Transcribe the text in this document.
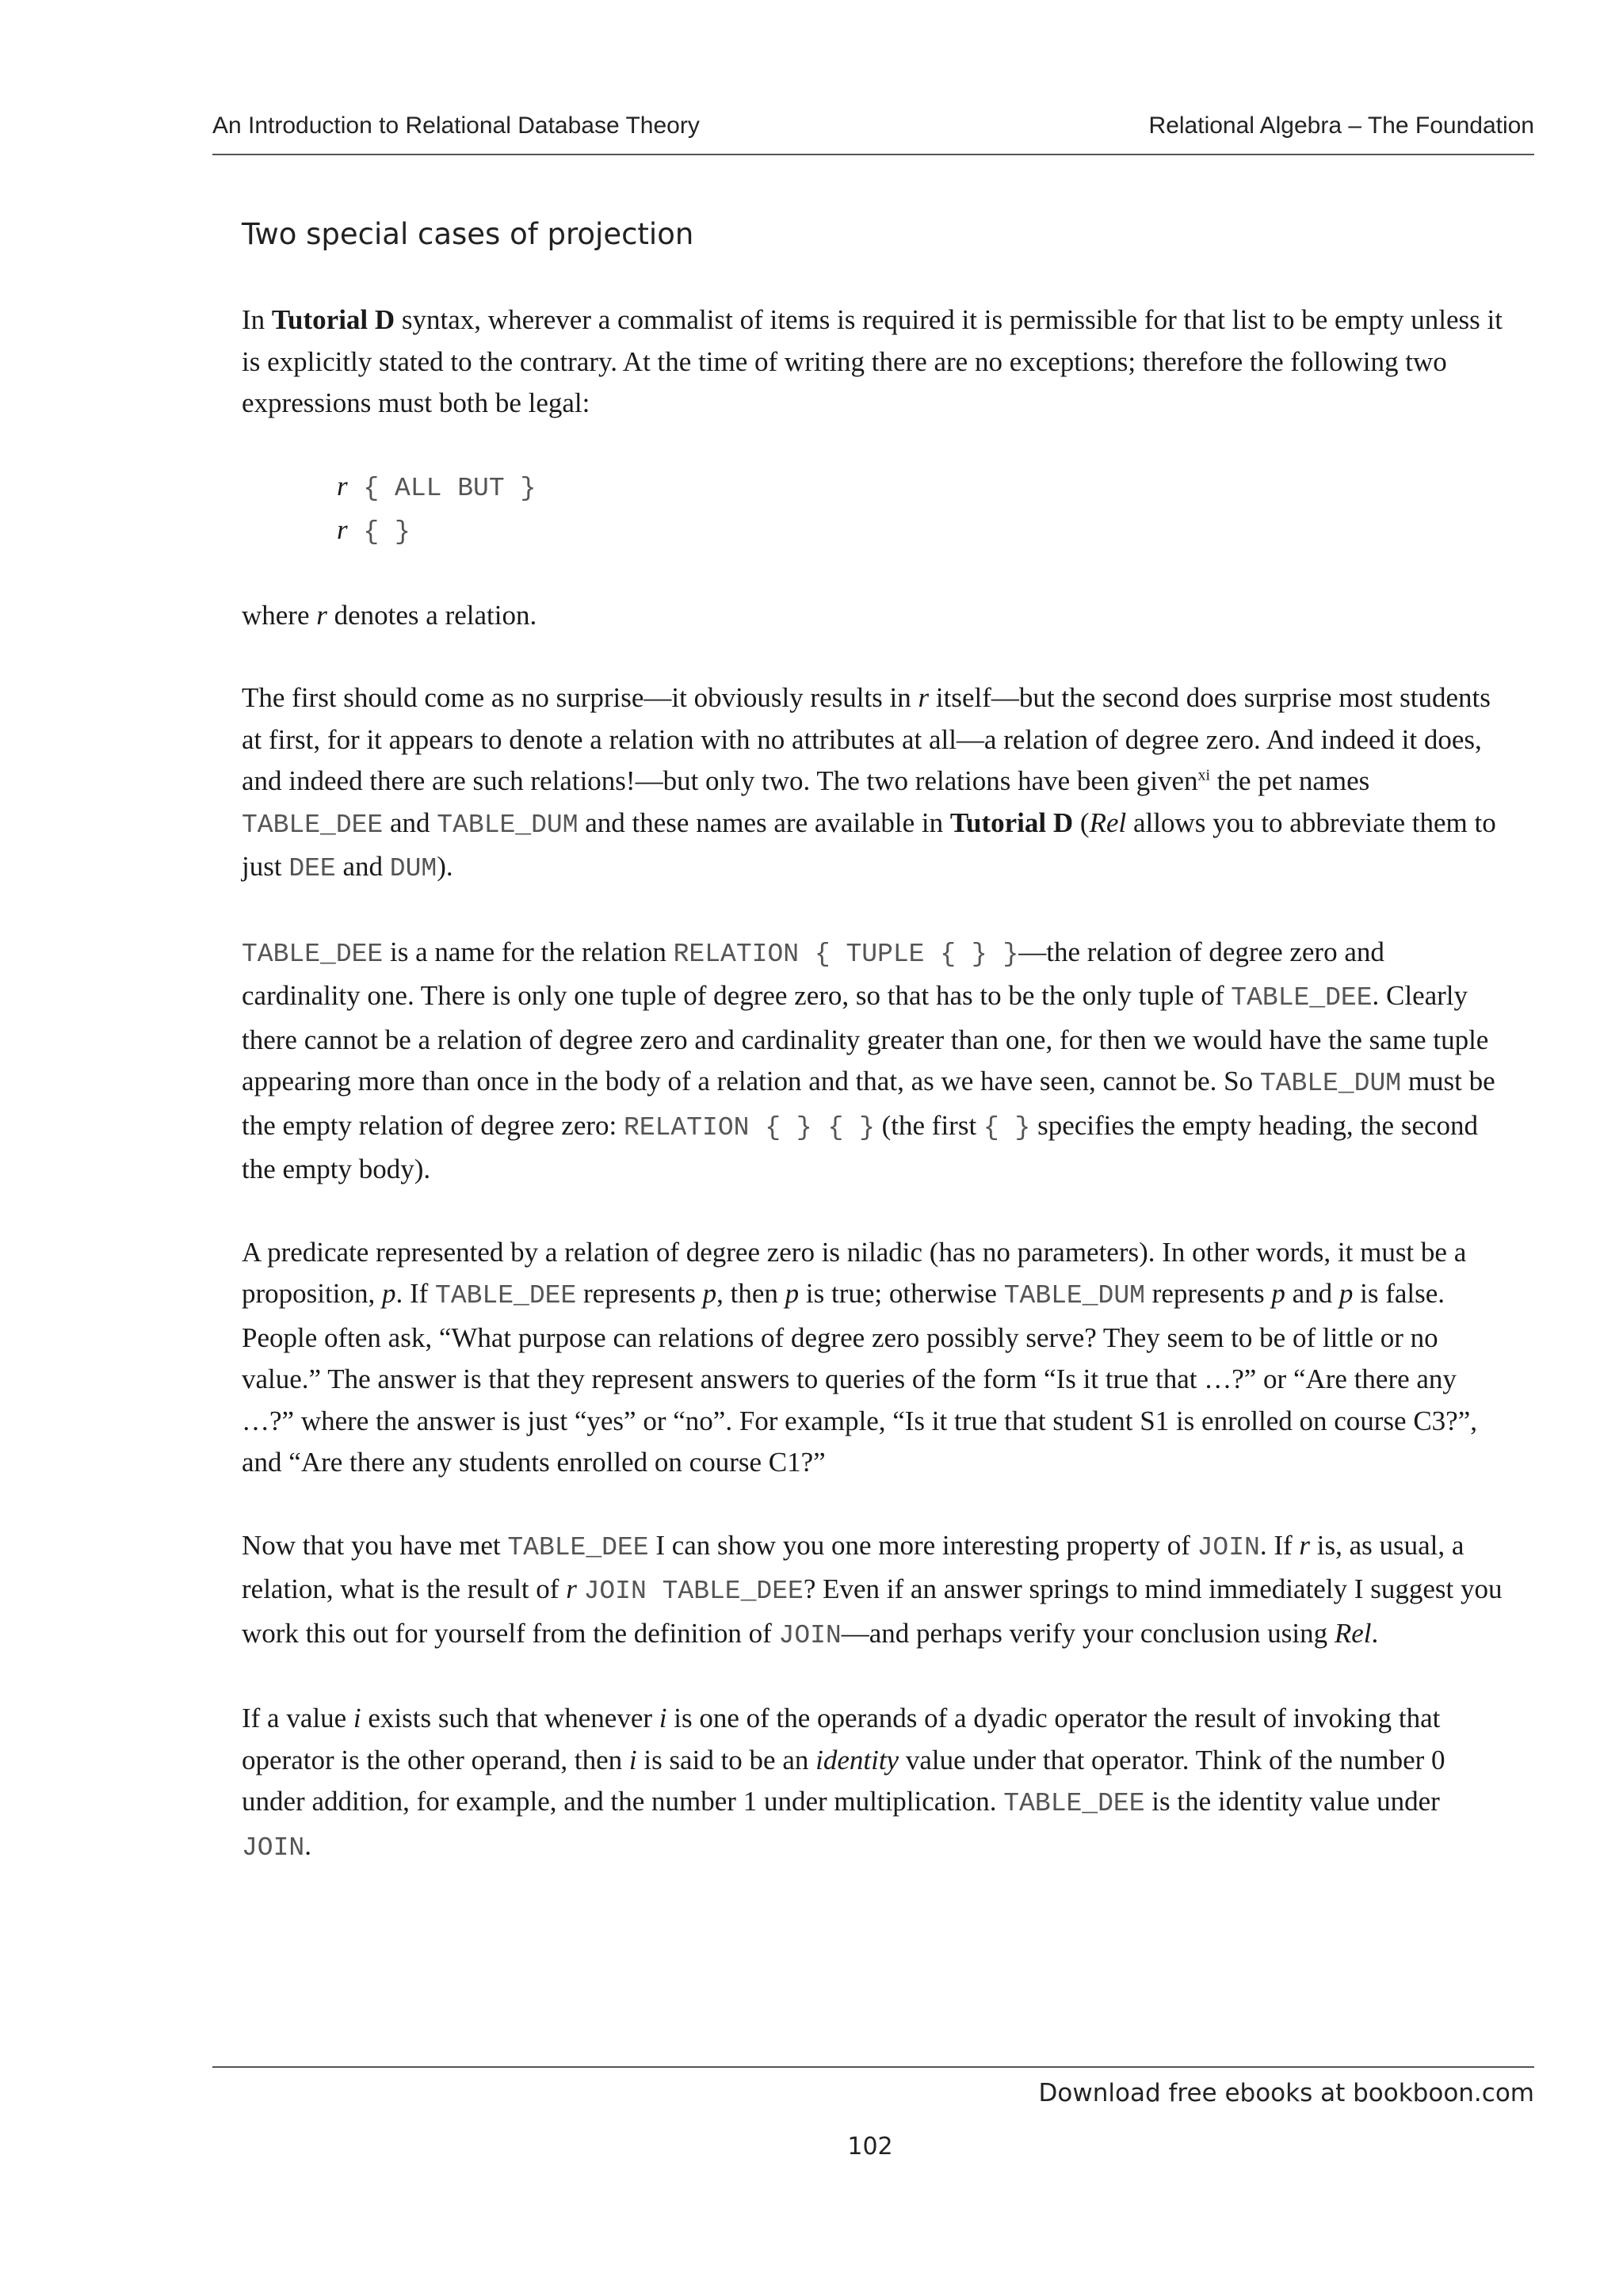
An Introduction to Relational Database Theory	Relational Algebra – The Foundation
Two special cases of projection

In Tutorial D syntax, wherever a commalist of items is required it is permissible for that list to be empty unless it is explicitly stated to the contrary. At the time of writing there are no exceptions; therefore the following two expressions must both be legal:

r { ALL BUT }
r { }

where r denotes a relation.

The first should come as no surprise—it obviously results in r itself—but the second does surprise most students at first, for it appears to denote a relation with no attributes at all—a relation of degree zero. And indeed it does, and indeed there are such relations!—but only two. The two relations have been given$^{xi}$ the pet names TABLE_DEE and TABLE_DUM and these names are available in Tutorial D (Rel allows you to abbreviate them to just DEE and DUM).

TABLE_DEE is a name for the relation RELATION { TUPLE { } }—the relation of degree zero and cardinality one. There is only one tuple of degree zero, so that has to be the only tuple of TABLE_DEE. Clearly there cannot be a relation of degree zero and cardinality greater than one, for then we would have the same tuple appearing more than once in the body of a relation and that, as we have seen, cannot be. So TABLE_DUM must be the empty relation of degree zero: RELATION { } { } (the first { } specifies the empty heading, the second the empty body).

A predicate represented by a relation of degree zero is niladic (has no parameters). In other words, it must be a proposition, p. If TABLE_DEE represents p, then p is true; otherwise TABLE_DUM represents p and p is false. People often ask, “What purpose can relations of degree zero possibly serve? They seem to be of little or no value.” The answer is that they represent answers to queries of the form “Is it true that …?” or “Are there any …?” where the answer is just “yes” or “no”. For example, “Is it true that student S1 is enrolled on course C3?”, and “Are there any students enrolled on course C1?”

Now that you have met TABLE_DEE I can show you one more interesting property of JOIN. If r is, as usual, a relation, what is the result of r JOIN TABLE_DEE? Even if an answer springs to mind immediately I suggest you work this out for yourself from the definition of JOIN—and perhaps verify your conclusion using Rel.

If a value i exists such that whenever i is one of the operands of a dyadic operator the result of invoking that operator is the other operand, then i is said to be an identity value under that operator. Think of the number 0 under addition, for example, and the number 1 under multiplication. TABLE_DEE is the identity value under JOIN.

Download free ebooks at bookboon.com
102
